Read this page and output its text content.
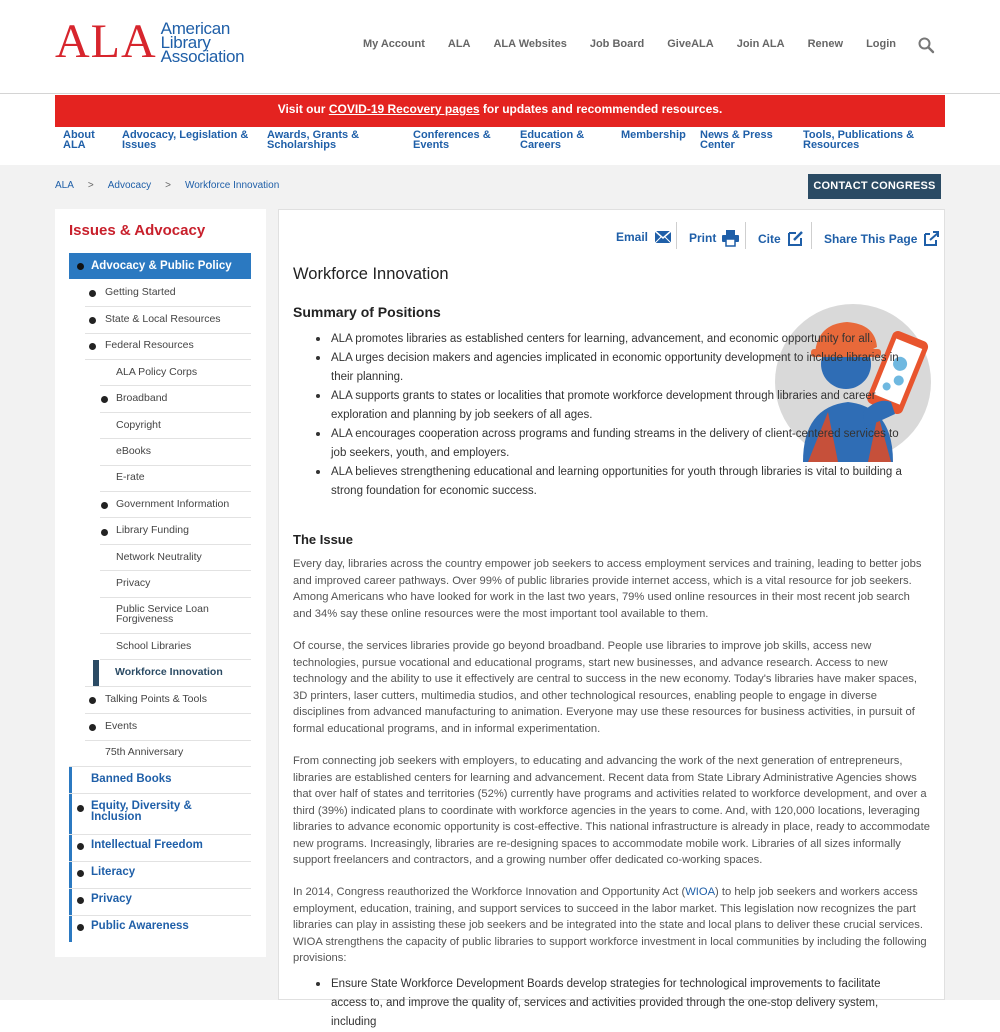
ALA American
Library
Association
My Account ALA ALA Websites Job Board GiveALA Join ALA Renew Login
Visit our COVID-19 Recovery pages for updates and recommended resources.
About
ALA
Advocacy, Legislation &
Issues
Awards, Grants &
Scholarships
Conferences &
Events
Education &
Careers
Membership News & Press
Center
Tools, Publications &
Resources
ALA > Advocacy > Workforce Innovation	CONTACT CONGRESS
Issues & Advocacy
Advocacy & Public Policy
Getting Started
State & Local Resources
Federal Resources
ALA Policy Corps
Broadband
Copyright
eBooks
E-rate
Government Information
Library Funding
Network Neutrality
Privacy
Public Service Loan Forgiveness
School Libraries
Workforce Innovation
Talking Points & Tools
Events
75th Anniversary
Banned Books
Equity, Diversity & Inclusion
Intellectual Freedom
Literacy
Privacy
Public Awareness
Email	Print	Cite	Share This Page
Workforce Innovation
Summary of Positions
ALA promotes libraries as established centers for learning, advancement, and economic opportunity for all.
ALA urges decision makers and agencies implicated in economic opportunity development to include libraries in their planning.
ALA supports grants to states or localities that promote workforce development through libraries and career exploration and planning by job seekers of all ages.
ALA encourages cooperation across programs and funding streams in the delivery of client-centered services to job seekers, youth, and employers.
ALA believes strengthening educational and learning opportunities for youth through libraries is vital to building a strong foundation for economic success.
The Issue

Every day, libraries across the country empower job seekers to access employment services and training, leading to better jobs and improved career pathways. Over 99% of public libraries provide internet access, which is a vital resource for job seekers. Among Americans who have looked for work in the last two years, 79% used online resources in their most recent job search and 34% say these online resources were the most important tool available to them.

Of course, the services libraries provide go beyond broadband. People use libraries to improve job skills, access new technologies, pursue vocational and educational programs, start new businesses, and advance research. Access to new technology and the ability to use it effectively are central to success in the new economy. Today's libraries have maker spaces, 3D printers, laser cutters, multimedia studios, and other technological resources, enabling people to engage in diverse disciplines from advanced manufacturing to animation. Everyone may use these resources for business activities, in pursuit of formal educational programs, and in informal experimentation.

From connecting job seekers with employers, to educating and advancing the work of the next generation of entrepreneurs, libraries are established centers for learning and advancement. Recent data from State Library Administrative Agencies shows that over half of states and territories (52%) currently have programs and activities related to workforce development, and over a third (39%) indicated plans to coordinate with workforce agencies in the years to come. And, with 120,000 locations, leveraging libraries to advance economic opportunity is cost-effective. This national infrastructure is already in place, ready to accommodate new programs. Increasingly, libraries are re-designing spaces to accommodate mobile work. Libraries of all sizes informally support freelancers and contractors, and a growing number offer dedicated co-working spaces.

In 2014, Congress reauthorized the Workforce Innovation and Opportunity Act (WIOA) to help job seekers and workers access employment, education, training, and support services to succeed in the labor market. This legislation now recognizes the part libraries can play in assisting these job seekers and be integrated into the state and local plans to deliver these crucial services. WIOA strengthens the capacity of public libraries to support workforce investment in local communities by including the following provisions:

Ensure State Workforce Development Boards develop strategies for technological improvements to facilitate access to, and improve the quality of, services and activities provided through the one-stop delivery system, including
